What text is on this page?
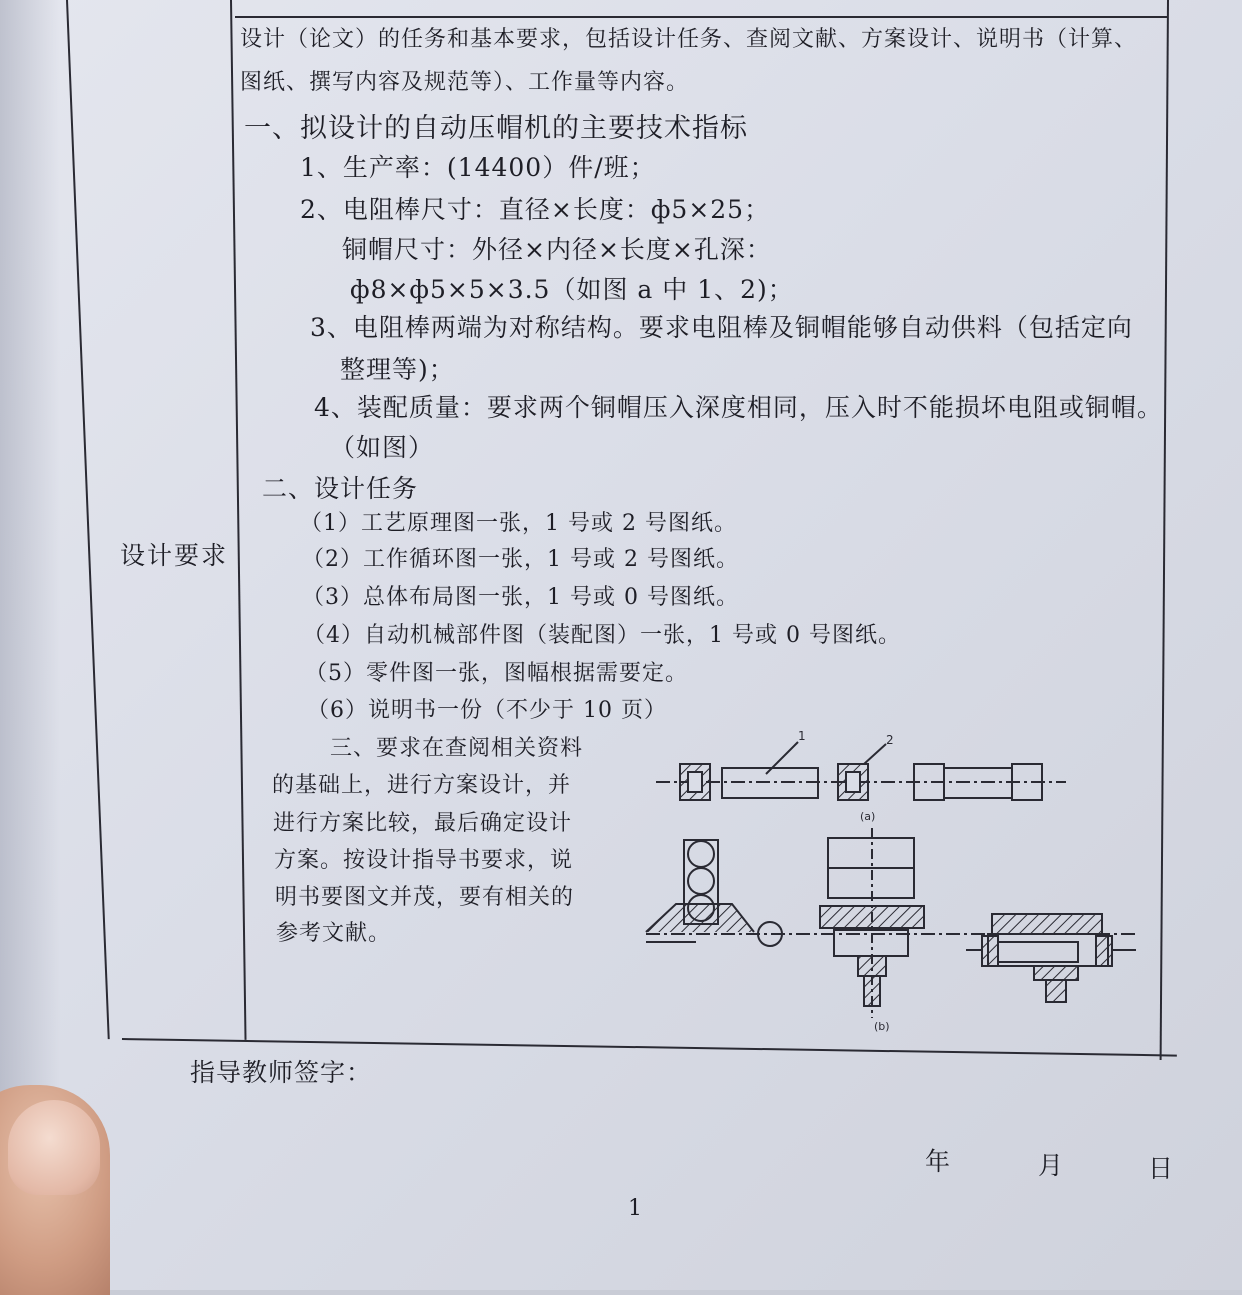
设计要求
设计（论文）的任务和基本要求，包括设计任务、查阅文献、方案设计、说明书（计算、
图纸、撰写内容及规范等）、工作量等内容。
一、拟设计的自动压帽机的主要技术指标
1、生产率：(14400）件/班；
2、电阻棒尺寸：直径×长度：ф5×25；
铜帽尺寸：外径×内径×长度×孔深：
ф8×ф5×5×3.5（如图 a 中 1、2)；
3、电阻棒两端为对称结构。要求电阻棒及铜帽能够自动供料（包括定向
整理等)；
4、装配质量：要求两个铜帽压入深度相同，压入时不能损坏电阻或铜帽。
（如图）
二、设计任务
（1）工艺原理图一张，1 号或 2 号图纸。
（2）工作循环图一张，1 号或 2 号图纸。
（3）总体布局图一张，1 号或 0 号图纸。
（4）自动机械部件图（装配图）一张，1 号或 0 号图纸。
（5）零件图一张，图幅根据需要定。
（6）说明书一份（不少于 10 页）
三、要求在查阅相关资料
的基础上，进行方案设计，并
进行方案比较，最后确定设计
方案。按设计指导书要求，说
明书要图文并茂，要有相关的
参考文献。
1	2
(a)
(b)
指导教师签字：
年	月	日
1
